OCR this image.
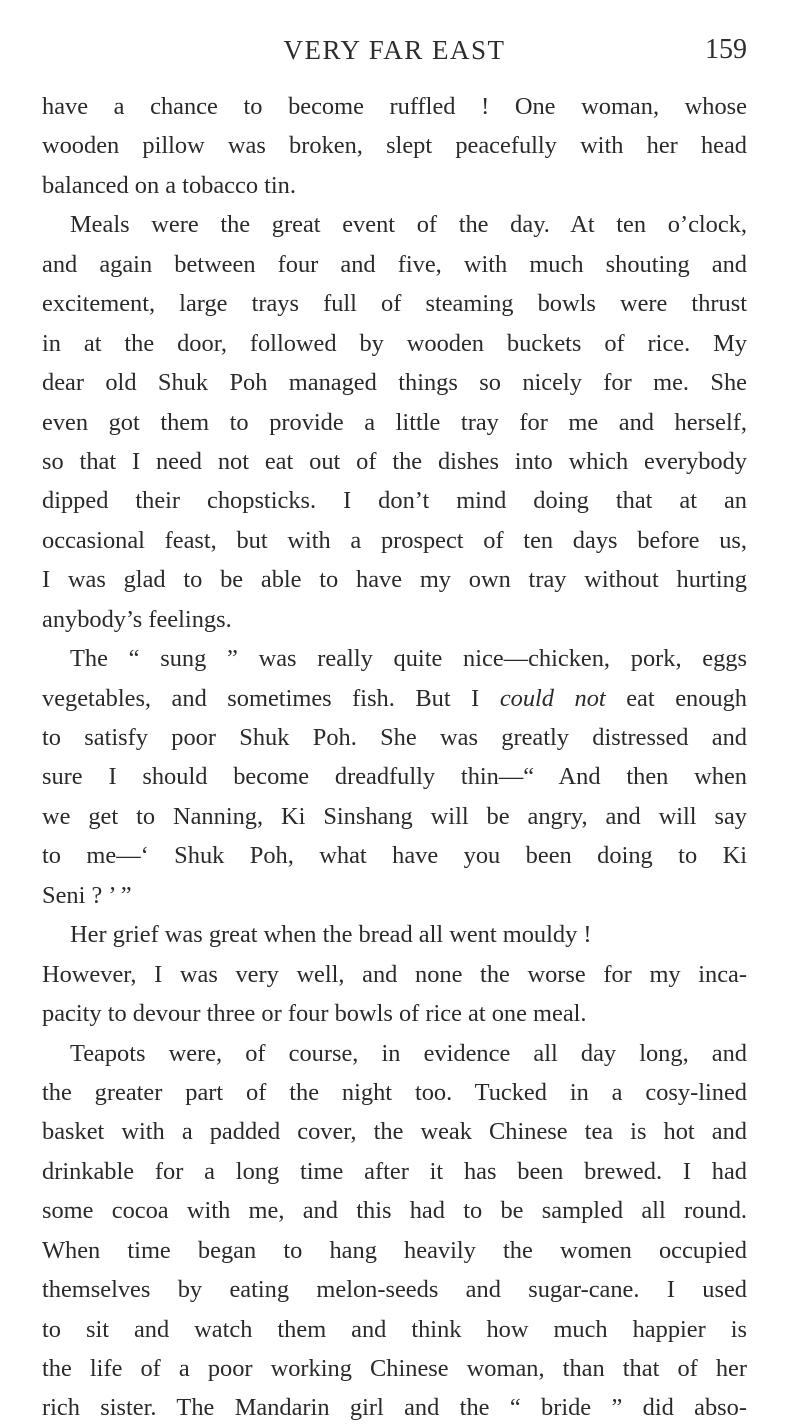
VERY FAR EAST	159
have a chance to become ruffled ! One woman, whose
wooden pillow was broken, slept peacefully with her head
balanced on a tobacco tin.
Meals were the great event of the day. At ten o’clock,
and again between four and five, with much shouting and
excitement, large trays full of steaming bowls were thrust
in at the door, followed by wooden buckets of rice. My
dear old Shuk Poh managed things so nicely for me. She
even got them to provide a little tray for me and herself,
so that I need not eat out of the dishes into which everybody
dipped their chopsticks. I don’t mind doing that at an
occasional feast, but with a prospect of ten days before us,
I was glad to be able to have my own tray without hurting
anybody’s feelings.
The “ sung ” was really quite nice—chicken, pork, eggs
vegetables, and sometimes fish. But I could not eat enough
to satisfy poor Shuk Poh. She was greatly distressed and
sure I should become dreadfully thin—“ And then when
we get to Nanning, Ki Sinshang will be angry, and will say
to me—‘ Shuk Poh, what have you been doing to Ki
Seni ? ’ ”
Her grief was great when the bread all went mouldy !
However, I was very well, and none the worse for my inca-
pacity to devour three or four bowls of rice at one meal.
Teapots were, of course, in evidence all day long, and
the greater part of the night too. Tucked in a cosy-lined
basket with a padded cover, the weak Chinese tea is hot and
drinkable for a long time after it has been brewed. I had
some cocoa with me, and this had to be sampled all round.
When time began to hang heavily the women occupied
themselves by eating melon-seeds and sugar-cane. I used
to sit and watch them and think how much happier is
the life of a poor working Chinese woman, than that of her
rich sister. The Mandarin girl and the “ bride ” did abso-
